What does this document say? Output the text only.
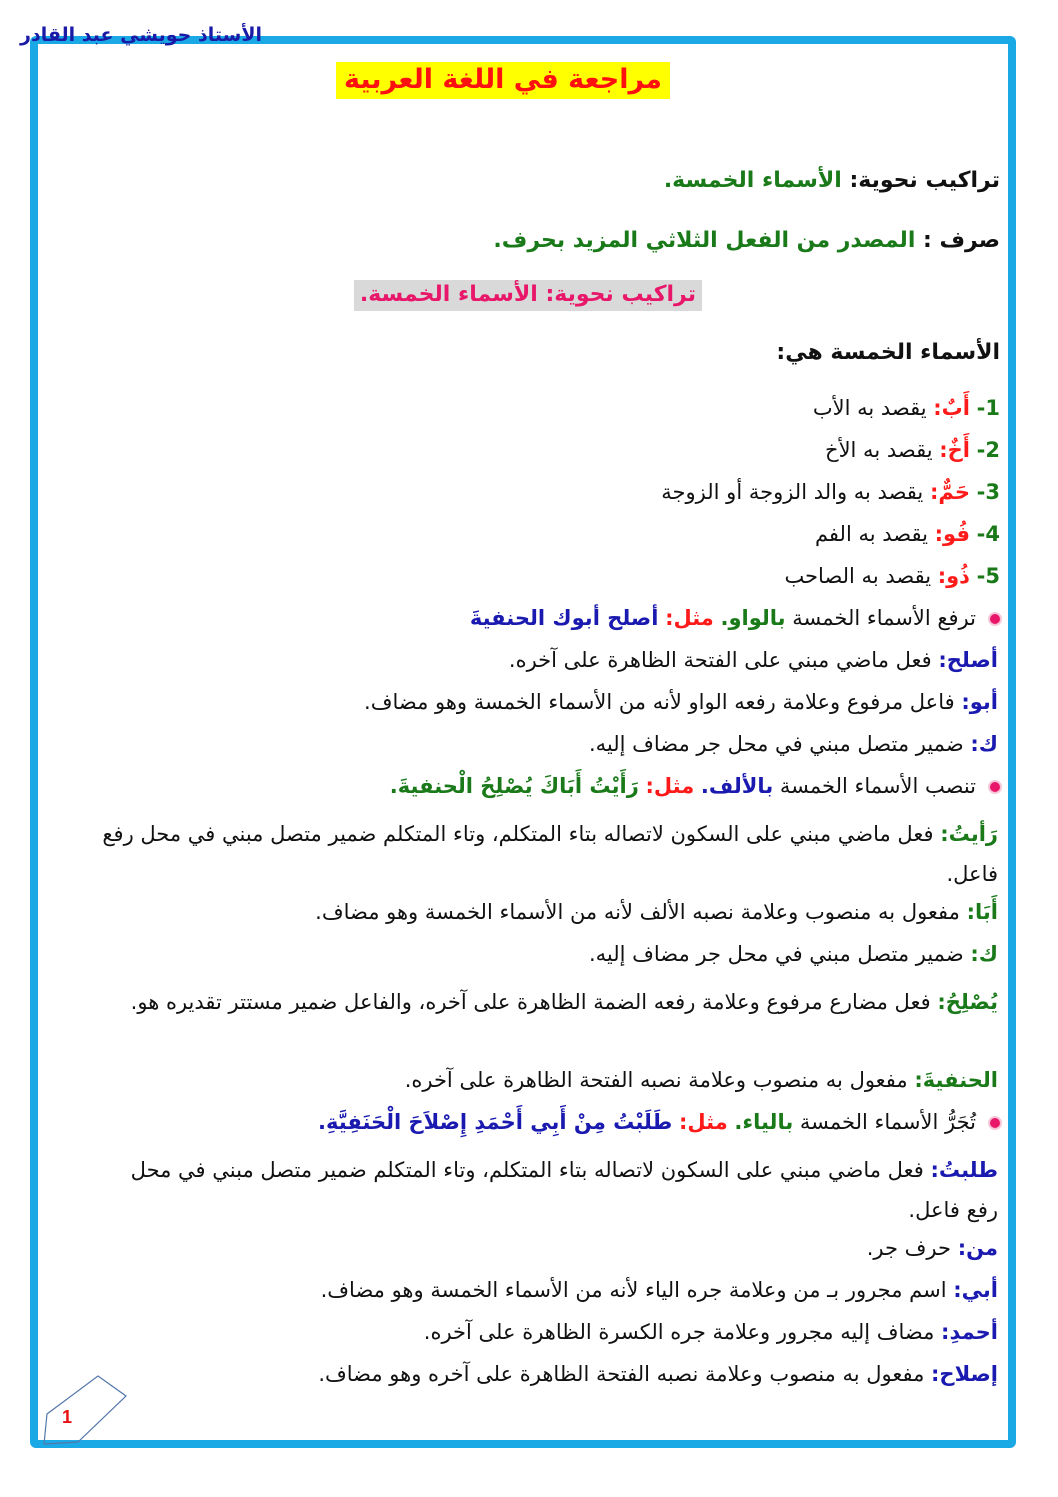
الأستاذ حويشي عبد القادر
مراجعة في اللغة العربية
تراكيب نحوية: الأسماء الخمسة.
صرف : المصدر من الفعل الثلاثي المزيد بحرف.
تراكيب نحوية: الأسماء الخمسة.
الأسماء الخمسة هي:
1- أَبٌ: يقصد به الأب
2- أَخٌ: يقصد به الأخ
3- حَمٌّ: يقصد به والد الزوجة أو الزوجة
4- فُو: يقصد به الفم
5- ذُو: يقصد به الصاحب
ترفع الأسماء الخمسة بالواو. مثل: أصلح أبوك الحنفيةَ
أصلح: فعل ماضي مبني على الفتحة الظاهرة على آخره.
أبو: فاعل مرفوع وعلامة رفعه الواو لأنه من الأسماء الخمسة وهو مضاف.
ك: ضمير متصل مبني في محل جر مضاف إليه.
تنصب الأسماء الخمسة بالألف. مثل: رَأَيْتُ أَبَاكَ يُصْلِحُ الْحنفيةَ.
رَأيتُ: فعل ماضي مبني على السكون لاتصاله بتاء المتكلم، وتاء المتكلم ضمير متصل مبني في محل رفع فاعل.
أَبَا: مفعول به منصوب وعلامة نصبه الألف لأنه من الأسماء الخمسة وهو مضاف.
ك: ضمير متصل مبني في محل جر مضاف إليه.
يُصْلِحُ: فعل مضارع مرفوع وعلامة رفعه الضمة الظاهرة على آخره، والفاعل ضمير مستتر تقديره هو.
الحنفيةَ: مفعول به منصوب وعلامة نصبه الفتحة الظاهرة على آخره.
تُجَرُّ الأسماء الخمسة بالياء. مثل: طَلَبْتُ مِنْ أَبِي أَحْمَدِ إِصْلاَحَ الْحَنَفِيَّةِ.
طلبتُ: فعل ماضي مبني على السكون لاتصاله بتاء المتكلم، وتاء المتكلم ضمير متصل مبني في محل رفع فاعل.
من: حرف جر.
أبي: اسم مجرور بـ من وعلامة جره الياء لأنه من الأسماء الخمسة وهو مضاف.
أحمدِ: مضاف إليه مجرور وعلامة جره الكسرة الظاهرة على آخره.
إصلاح: مفعول به منصوب وعلامة نصبه الفتحة الظاهرة على آخره وهو مضاف.
1
